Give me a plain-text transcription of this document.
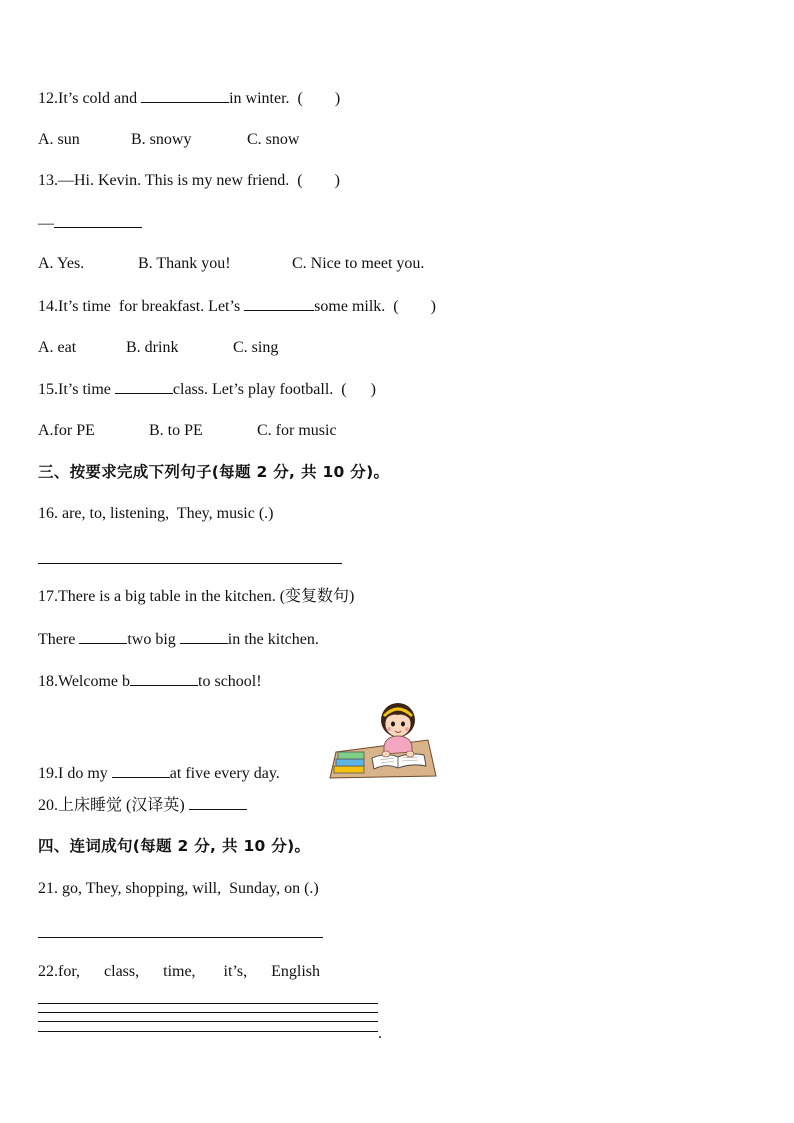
12.It’s cold and	in winter.  (        )
A. sun	B. snowy	C. snow
13.—Hi. Kevin. This is my new friend.  (        )
—
A. Yes.	B. Thank you!	C. Nice to meet you.
14.It’s time  for breakfast. Let’s	some milk.  (        )
A. eat	B. drink	C. sing
15.It’s time	class. Let’s play football.  (      )
A.for PE	B. to PE	C. for music
三、按要求完成下列句子(每题 2 分, 共 10 分)。
16. are, to, listening,  They, music (.)
17.There is a big table in the kitchen. (变复数句)
There	two big	in the kitchen.
18.Welcome b	to school!
19.I do my	at five every day.
20.上床睡觉 (汉译英)
四、连词成句(每题 2 分, 共 10 分)。
21. go, They, shopping, will,  Sunday, on (.)
22.for,      class,      time,       it’s,      English
.
